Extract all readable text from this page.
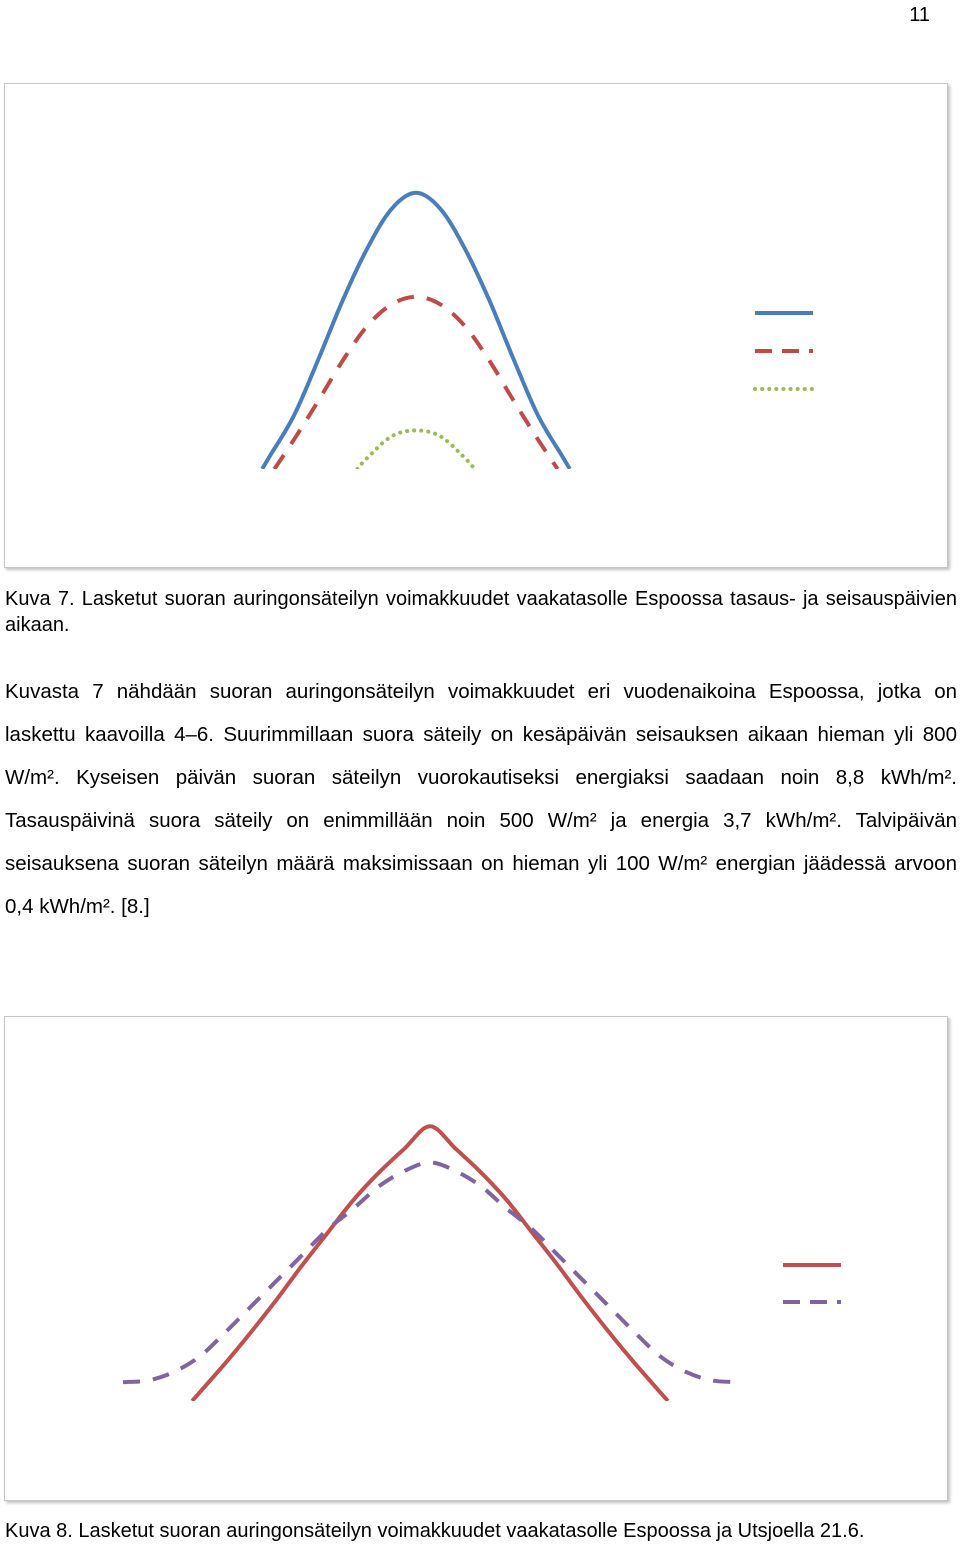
11
Kuva 7. Lasketut suoran auringonsäteilyn voimakkuudet vaakatasolle Espoossa tasaus- ja seisauspäivien aikaan.
Kuvasta 7 nähdään suoran auringonsäteilyn voimakkuudet eri vuodenaikoina Espoossa, jotka on laskettu kaavoilla 4–6. Suurimmillaan suora säteily on kesäpäivän seisauksen aikaan hieman yli 800 W/m². Kyseisen päivän suoran säteilyn vuorokautiseksi energiaksi saadaan noin 8,8 kWh/m². Tasauspäivinä suora säteily on enimmillään noin 500 W/m² ja energia 3,7 kWh/m². Talvipäivän seisauksena suoran säteilyn määrä maksimissaan on hieman yli 100 W/m² energian jäädessä arvoon 0,4 kWh/m². [8.]
Kuva 8. Lasketut suoran auringonsäteilyn voimakkuudet vaakatasolle Espoossa ja Utsjoella 21.6.
